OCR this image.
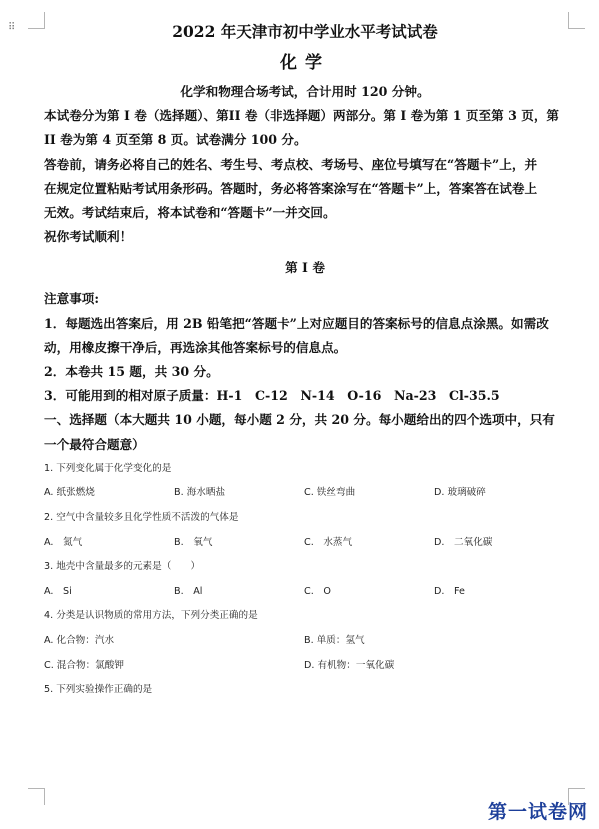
⠿	2022 年天津市初中学业水平考试试卷
化学

化学和物理合场考试，合计用时 120 分钟。

本试卷分为第 I 卷（选择题）、第II 卷（非选择题）两部分。第 I 卷为第 1 页至第 3 页，第

II 卷为第 4 页至第 8 页。试卷满分 100 分。

答卷前，请务必将自己的姓名、考生号、考点校、考场号、座位号填写在“答题卡”上，并

在规定位置粘贴考试用条形码。答题时，务必将答案涂写在“答题卡”上，答案答在试卷上

无效。考试结束后，将本试卷和“答题卡”一并交回。

祝你考试顺利！

第 I 卷

注意事项:

1．每题选出答案后，用 2B 铅笔把“答题卡”上对应题目的答案标号的信息点涂黑。如需改

动，用橡皮擦干净后，再选涂其他答案标号的信息点。

2．本卷共 15 题，共 30 分。

3．可能用到的相对原子质量：H-1　C-12　N-14　O-16　Na-23　Cl-35.5

一、选择题（本大题共 10 小题，每小题 2 分，共 20 分。每小题给出的四个选项中，只有

一个最符合题意）

1. 下列变化属于化学变化的是

A. 纸张燃烧	B. 海水晒盐	C. 铁丝弯曲	D. 玻璃破碎

2. 空气中含量较多且化学性质不活泼的气体是

A.　氮气	B.　氧气	C.　水蒸气	D.　二氧化碳

3. 地壳中含量最多的元素是（　　）

A.　Si	B.　Al	C.　O	D.　Fe

4. 分类是认识物质的常用方法，下列分类正确的是

A. 化合物：汽水	B. 单质：氢气
C. 混合物：氯酸钾	D. 有机物：一氧化碳

5. 下列实验操作正确的是

第一试卷网
